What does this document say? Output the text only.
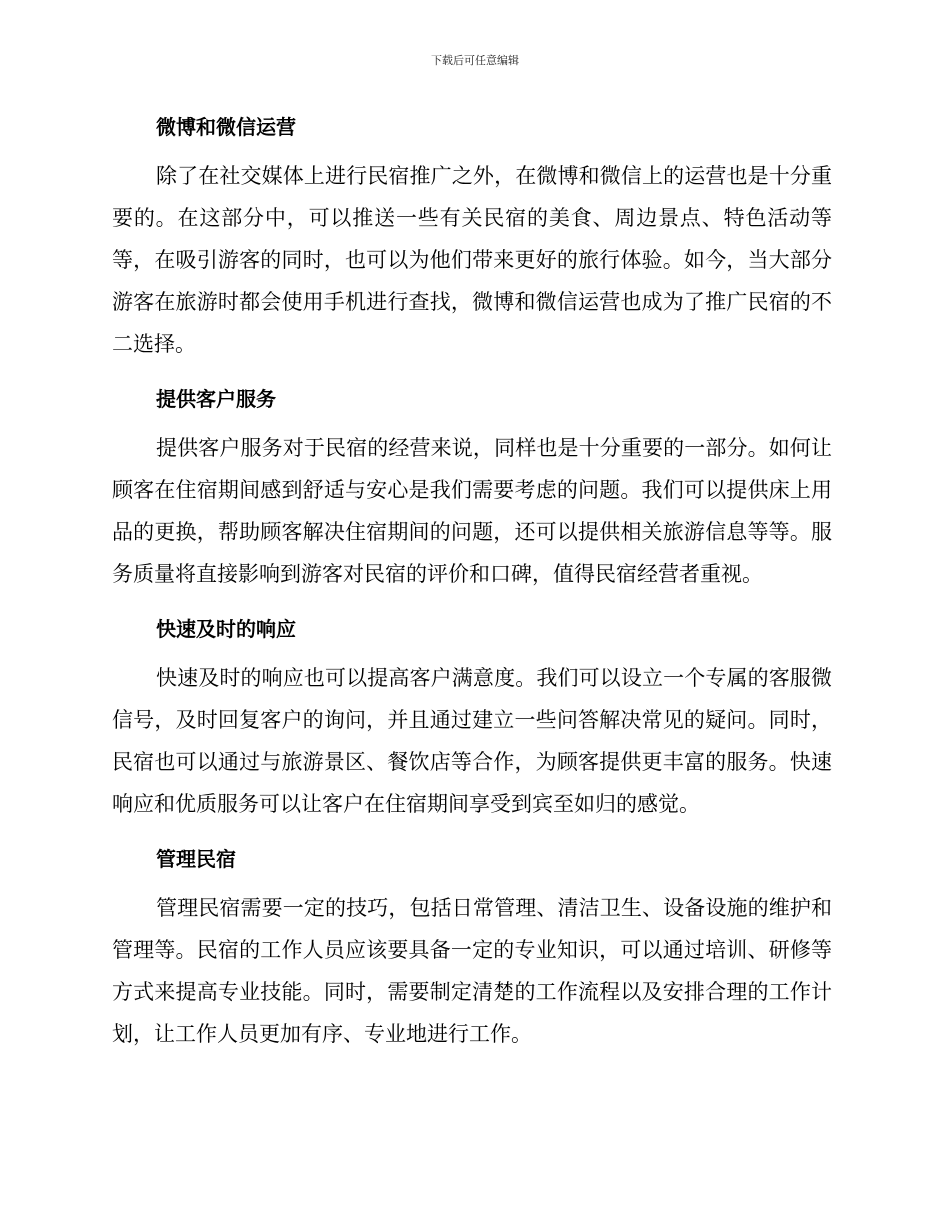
下载后可任意编辑
微博和微信运营

除了在社交媒体上进行民宿推广之外，在微博和微信上的运营也是十分重要的。在这部分中，可以推送一些有关民宿的美食、周边景点、特色活动等等，在吸引游客的同时，也可以为他们带来更好的旅行体验。如今，当大部分游客在旅游时都会使用手机进行查找，微博和微信运营也成为了推广民宿的不二选择。

提供客户服务

提供客户服务对于民宿的经营来说，同样也是十分重要的一部分。如何让顾客在住宿期间感到舒适与安心是我们需要考虑的问题。我们可以提供床上用品的更换，帮助顾客解决住宿期间的问题，还可以提供相关旅游信息等等。服务质量将直接影响到游客对民宿的评价和口碑，值得民宿经营者重视。

快速及时的响应

快速及时的响应也可以提高客户满意度。我们可以设立一个专属的客服微信号，及时回复客户的询问，并且通过建立一些问答解决常见的疑问。同时，民宿也可以通过与旅游景区、餐饮店等合作，为顾客提供更丰富的服务。快速响应和优质服务可以让客户在住宿期间享受到宾至如归的感觉。

管理民宿

管理民宿需要一定的技巧，包括日常管理、清洁卫生、设备设施的维护和管理等。民宿的工作人员应该要具备一定的专业知识，可以通过培训、研修等方式来提高专业技能。同时，需要制定清楚的工作流程以及安排合理的工作计划，让工作人员更加有序、专业地进行工作。
